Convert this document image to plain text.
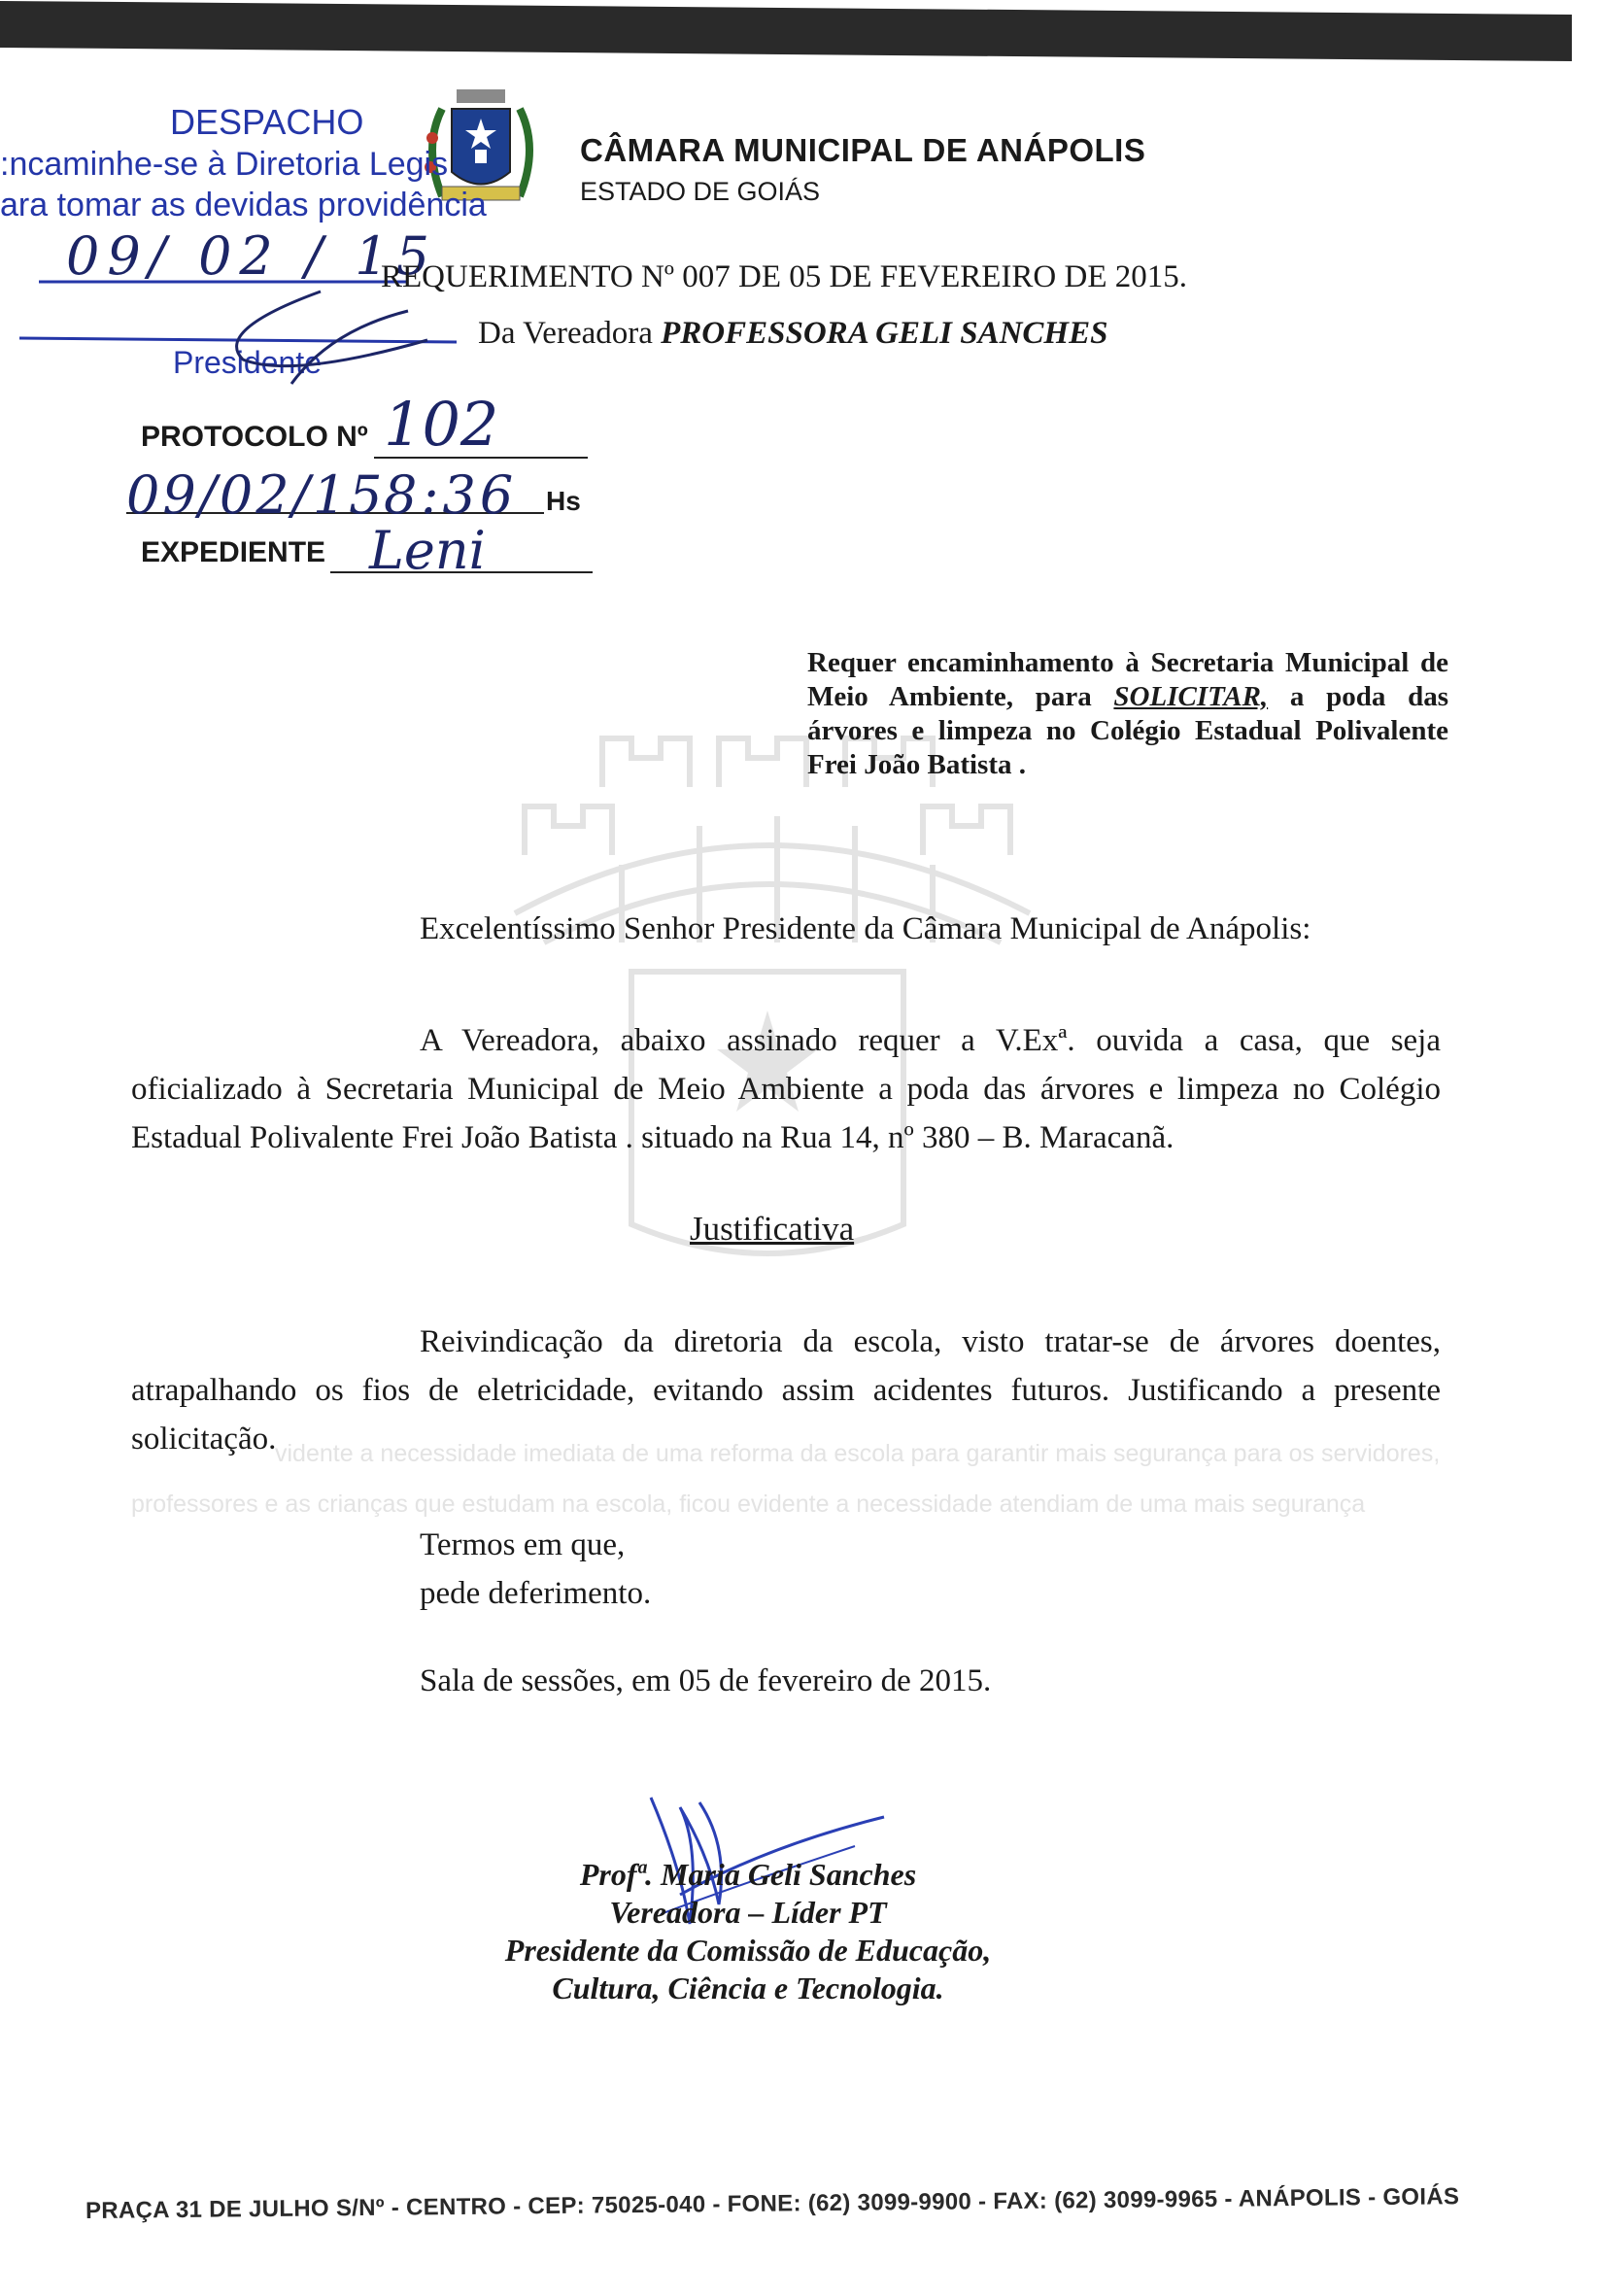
DESPACHO
:ncaminhe-se à Diretoria Legis
ara tomar as devidas providência
09/ 02 / 15
Presidente
CÂMARA MUNICIPAL DE ANÁPOLIS
ESTADO DE GOIÁS
REQUERIMENTO Nº 007 DE 05 DE FEVEREIRO DE 2015.
Da Vereadora PROFESSORA GELI SANCHES
PROTOCOLO Nº 102
09/02/15
8:36 Hs
EXPEDIENTE Leni
Requer encaminhamento à Secretaria Municipal de Meio Ambiente, para SOLICITAR, a poda das árvores e limpeza no Colégio Estadual Polivalente Frei João Batista .
Excelentíssimo Senhor Presidente da Câmara Municipal de Anápolis:
A Vereadora, abaixo assinado requer a V.Exª. ouvida a casa, que seja oficializado à Secretaria Municipal de Meio Ambiente a poda das árvores e limpeza no Colégio Estadual Polivalente Frei João Batista . situado na Rua 14, nº 380 – B. Maracanã.
Justificativa
Reivindicação da diretoria da escola, visto tratar-se de árvores doentes, atrapalhando os fios de eletricidade, evitando assim acidentes futuros. Justificando a presente solicitação.
vidente a necessidade imediata de uma reforma da escola para garantir mais segurança para os servidores, professores e as crianças que estudam na escola, ficou evidente a necessidade atendiam de uma mais segurança
Termos em que,
pede deferimento.
Sala de sessões, em 05 de fevereiro de 2015.
Profª. Maria Geli Sanches
Vereadora – Líder PT
Presidente da Comissão de Educação,
Cultura, Ciência e Tecnologia.
PRAÇA 31 DE JULHO S/Nº - CENTRO - CEP: 75025-040 - FONE: (62) 3099-9900 - FAX: (62) 3099-9965 - ANÁPOLIS - GOIÁS
